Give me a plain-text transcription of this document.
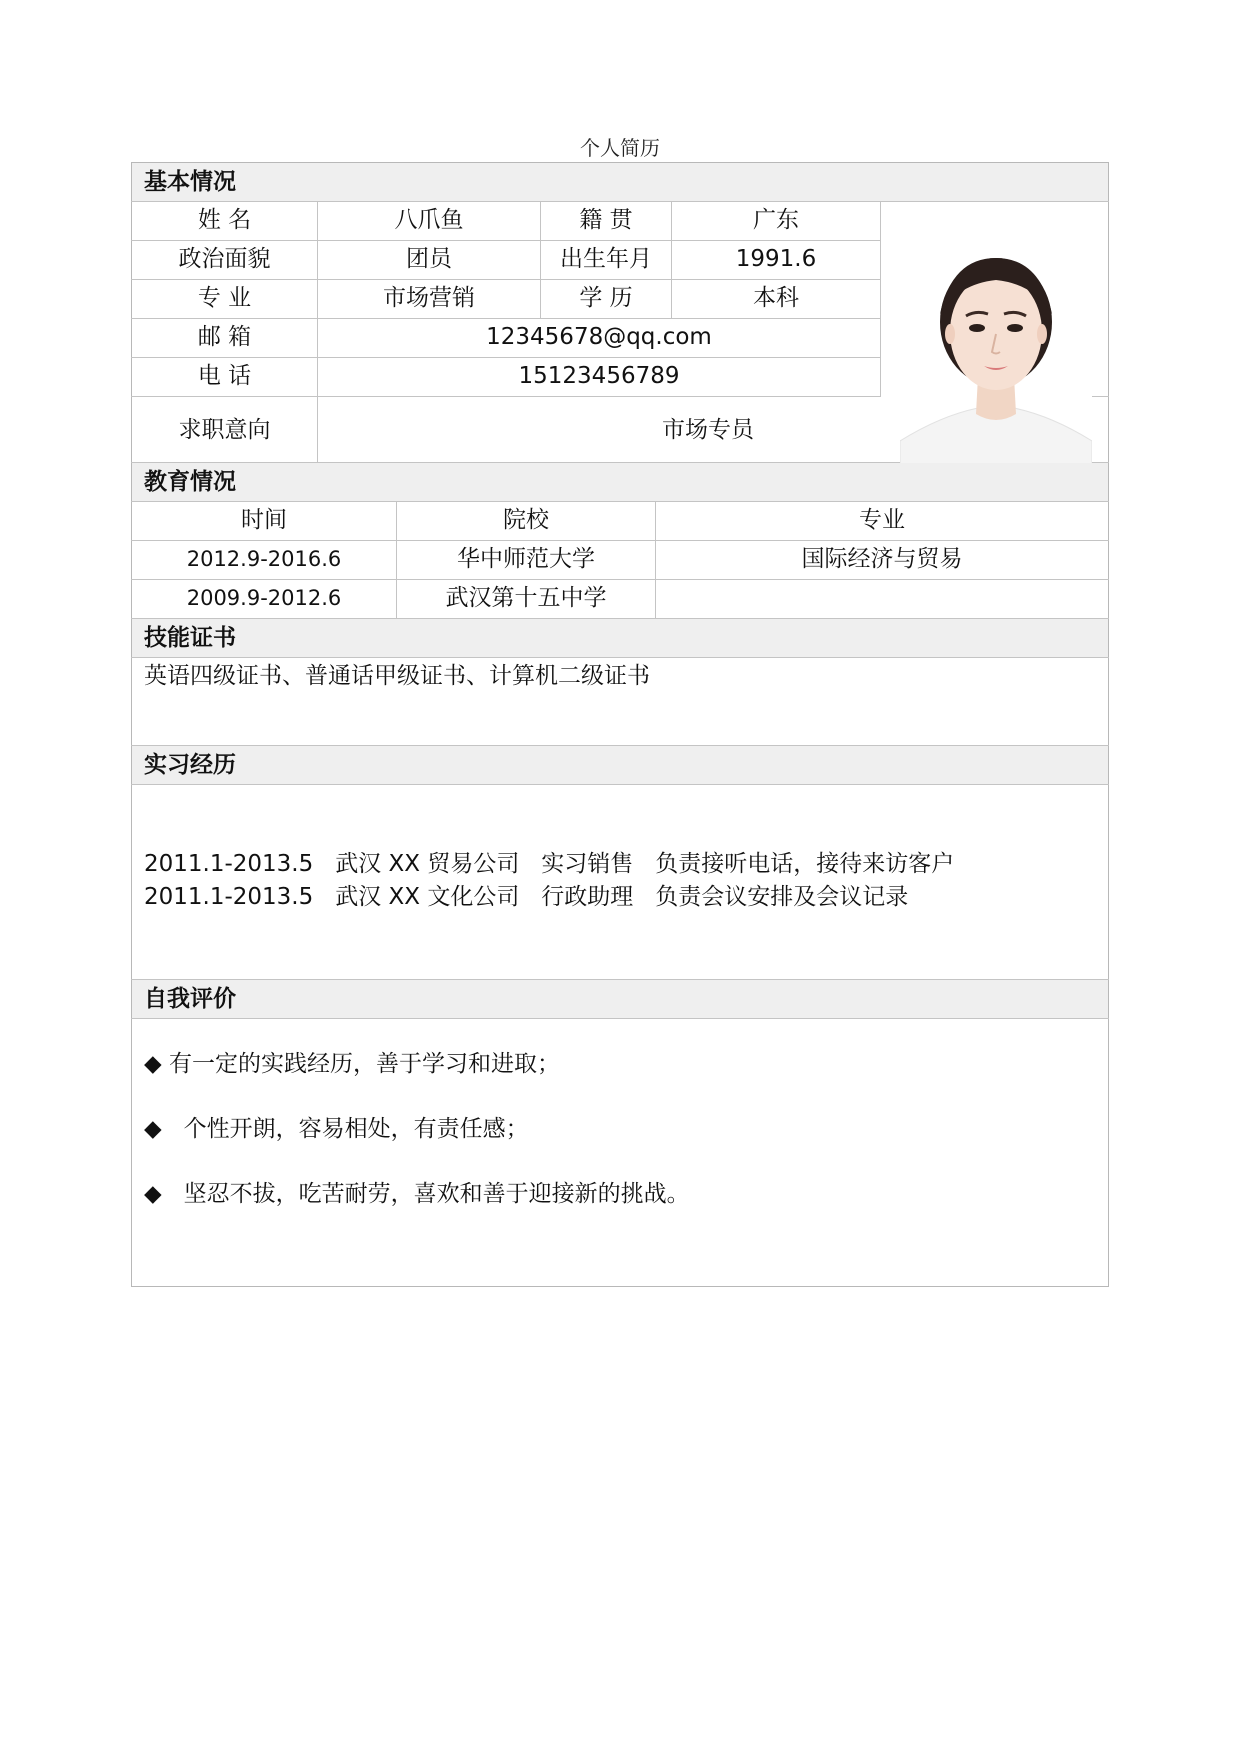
个人简历
基本情况
姓 名	八爪鱼	籍 贯	广东
政治面貌	团员	出生年月	1991.6
专 业	市场营销	学 历	本科
邮 箱	12345678@qq.com
电 话	15123456789
求职意向	市场专员
教育情况
时间	院校	专业
2012.9-2016.6	华中师范大学	国际经济与贸易
2009.9-2012.6	武汉第十五中学
技能证书
英语四级证书、普通话甲级证书、计算机二级证书
实习经历
2011.1-2013.5   武汉 XX 贸易公司   实习销售   负责接听电话，接待来访客户
2011.1-2013.5   武汉 XX 文化公司   行政助理   负责会议安排及会议记录
自我评价
◆ 有一定的实践经历，善于学习和进取；
◆   个性开朗，容易相处，有责任感；
◆   坚忍不拔，吃苦耐劳，喜欢和善于迎接新的挑战。
